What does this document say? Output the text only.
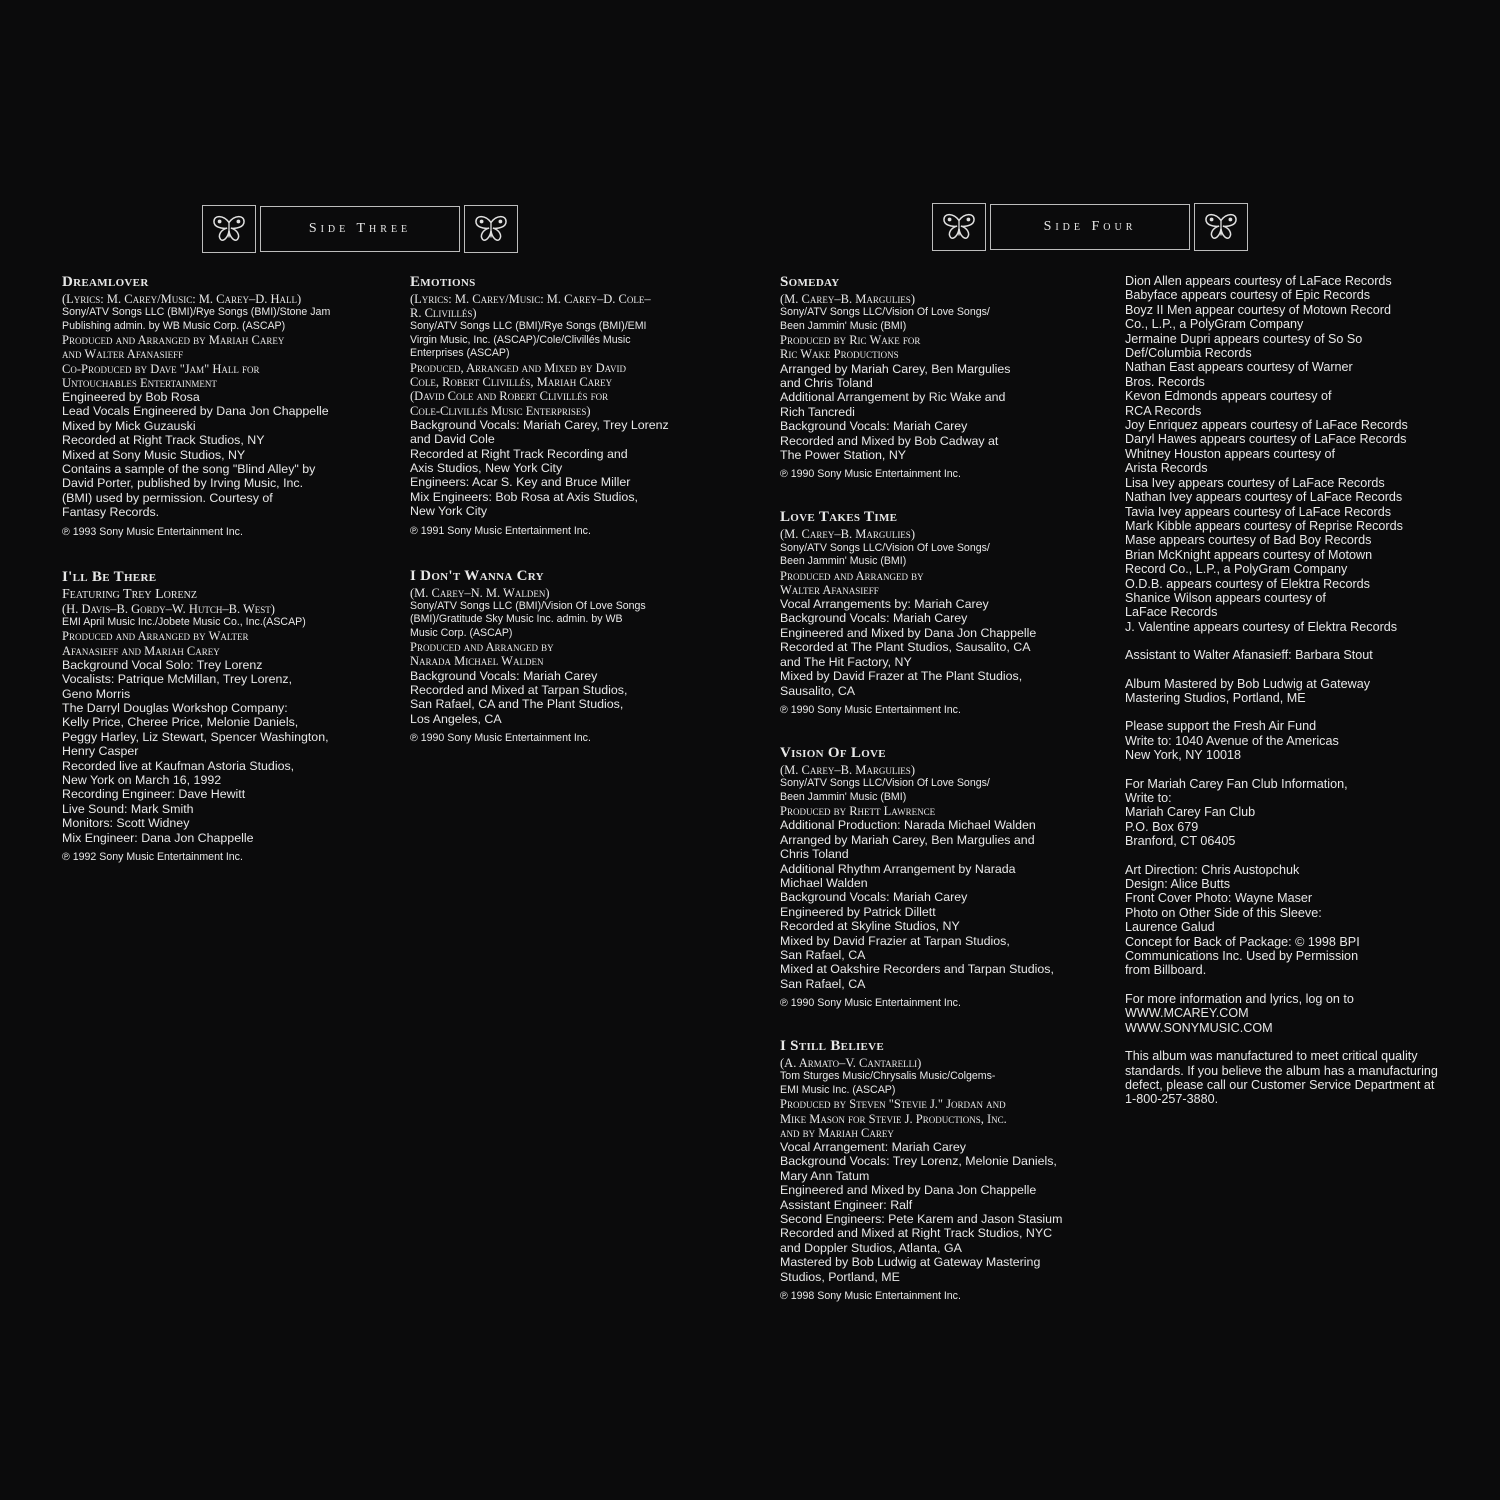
Side Three	Side Four
Dreamlover
(Lyrics: M. Carey/Music: M. Carey–D. Hall)
Sony/ATV Songs LLC (BMI)/Rye Songs (BMI)/Stone Jam
Publishing admin. by WB Music Corp. (ASCAP)
Produced and Arranged by Mariah Carey
and Walter Afanasieff
Co-Produced by Dave "Jam" Hall for
Untouchables Entertainment
Engineered by Bob Rosa
Lead Vocals Engineered by Dana Jon Chappelle
Mixed by Mick Guzauski
Recorded at Right Track Studios, NY
Mixed at Sony Music Studios, NY
Contains a sample of the song "Blind Alley" by
David Porter, published by Irving Music, Inc.
(BMI) used by permission. Courtesy of
Fantasy Records.
℗ 1993 Sony Music Entertainment Inc.
I'll Be There
Featuring Trey Lorenz
(H. Davis–B. Gordy–W. Hutch–B. West)
EMI April Music Inc./Jobete Music Co., Inc.(ASCAP)
Produced and Arranged by Walter
Afanasieff and Mariah Carey
Background Vocal Solo: Trey Lorenz
Vocalists: Patrique McMillan, Trey Lorenz,
Geno Morris
The Darryl Douglas Workshop Company:
Kelly Price, Cheree Price, Melonie Daniels,
Peggy Harley, Liz Stewart, Spencer Washington,
Henry Casper
Recorded live at Kaufman Astoria Studios,
New York on March 16, 1992
Recording Engineer: Dave Hewitt
Live Sound: Mark Smith
Monitors: Scott Widney
Mix Engineer: Dana Jon Chappelle
℗ 1992 Sony Music Entertainment Inc.
Emotions
(Lyrics: M. Carey/Music: M. Carey–D. Cole–
R. Clivillés)
Sony/ATV Songs LLC (BMI)/Rye Songs (BMI)/EMI
Virgin Music, Inc. (ASCAP)/Cole/Clivillés Music
Enterprises (ASCAP)
Produced, Arranged and Mixed by David
Cole, Robert Clivillés, Mariah Carey
(David Cole and Robert Clivillés for
Cole-Clivillés Music Enterprises)
Background Vocals: Mariah Carey, Trey Lorenz
and David Cole
Recorded at Right Track Recording and
Axis Studios, New York City
Engineers: Acar S. Key and Bruce Miller
Mix Engineers: Bob Rosa at Axis Studios,
New York City
℗ 1991 Sony Music Entertainment Inc.
I Don't Wanna Cry
(M. Carey–N. M. Walden)
Sony/ATV Songs LLC (BMI)/Vision Of Love Songs
(BMI)/Gratitude Sky Music Inc. admin. by WB
Music Corp. (ASCAP)
Produced and Arranged by
Narada Michael Walden
Background Vocals: Mariah Carey
Recorded and Mixed at Tarpan Studios,
San Rafael, CA and The Plant Studios,
Los Angeles, CA
℗ 1990 Sony Music Entertainment Inc.
Someday
(M. Carey–B. Margulies)
Sony/ATV Songs LLC/Vision Of Love Songs/
Been Jammin' Music (BMI)
Produced by Ric Wake for
Ric Wake Productions
Arranged by Mariah Carey, Ben Margulies
and Chris Toland
Additional Arrangement by Ric Wake and
Rich Tancredi
Background Vocals: Mariah Carey
Recorded and Mixed by Bob Cadway at
The Power Station, NY
℗ 1990 Sony Music Entertainment Inc.
Love Takes Time
(M. Carey–B. Margulies)
Sony/ATV Songs LLC/Vision Of Love Songs/
Been Jammin' Music (BMI)
Produced and Arranged by
Walter Afanasieff
Vocal Arrangements by: Mariah Carey
Background Vocals: Mariah Carey
Engineered and Mixed by Dana Jon Chappelle
Recorded at The Plant Studios, Sausalito, CA
and The Hit Factory, NY
Mixed by David Frazer at The Plant Studios,
Sausalito, CA
℗ 1990 Sony Music Entertainment Inc.
Vision Of Love
(M. Carey–B. Margulies)
Sony/ATV Songs LLC/Vision Of Love Songs/
Been Jammin' Music (BMI)
Produced by Rhett Lawrence
Additional Production: Narada Michael Walden
Arranged by Mariah Carey, Ben Margulies and
Chris Toland
Additional Rhythm Arrangement by Narada
Michael Walden
Background Vocals: Mariah Carey
Engineered by Patrick Dillett
Recorded at Skyline Studios, NY
Mixed by David Frazier at Tarpan Studios,
San Rafael, CA
Mixed at Oakshire Recorders and Tarpan Studios,
San Rafael, CA
℗ 1990 Sony Music Entertainment Inc.
I Still Believe
(A. Armato–V. Cantarelli)
Tom Sturges Music/Chrysalis Music/Colgems-
EMI Music Inc. (ASCAP)
Produced by Steven "Stevie J." Jordan and
Mike Mason for Stevie J. Productions, Inc.
and by Mariah Carey
Vocal Arrangement: Mariah Carey
Background Vocals: Trey Lorenz, Melonie Daniels,
Mary Ann Tatum
Engineered and Mixed by Dana Jon Chappelle
Assistant Engineer: Ralf
Second Engineers: Pete Karem and Jason Stasium
Recorded and Mixed at Right Track Studios, NYC
and Doppler Studios, Atlanta, GA
Mastered by Bob Ludwig at Gateway Mastering
Studios, Portland, ME
℗ 1998 Sony Music Entertainment Inc.
Dion Allen appears courtesy of LaFace Records
Babyface appears courtesy of Epic Records
Boyz II Men appear courtesy of Motown Record
Co., L.P., a PolyGram Company
Jermaine Dupri appears courtesy of So So
Def/Columbia Records
Nathan East appears courtesy of Warner
Bros. Records
Kevon Edmonds appears courtesy of
RCA Records
Joy Enriquez appears courtesy of LaFace Records
Daryl Hawes appears courtesy of LaFace Records
Whitney Houston appears courtesy of
Arista Records
Lisa Ivey appears courtesy of LaFace Records
Nathan Ivey appears courtesy of LaFace Records
Tavia Ivey appears courtesy of LaFace Records
Mark Kibble appears courtesy of Reprise Records
Mase appears courtesy of Bad Boy Records
Brian McKnight appears courtesy of Motown
Record Co., L.P., a PolyGram Company
O.D.B. appears courtesy of Elektra Records
Shanice Wilson appears courtesy of
LaFace Records
J. Valentine appears courtesy of Elektra Records
Assistant to Walter Afanasieff: Barbara Stout
Album Mastered by Bob Ludwig at Gateway
Mastering Studios, Portland, ME
Please support the Fresh Air Fund
Write to: 1040 Avenue of the Americas
New York, NY 10018
For Mariah Carey Fan Club Information,
Write to:
Mariah Carey Fan Club
P.O. Box 679
Branford, CT 06405
Art Direction: Chris Austopchuk
Design: Alice Butts
Front Cover Photo: Wayne Maser
Photo on Other Side of this Sleeve:
Laurence Galud
Concept for Back of Package: © 1998 BPI
Communications Inc. Used by Permission
from Billboard.
For more information and lyrics, log on to
WWW.MCAREY.COM
WWW.SONYMUSIC.COM
This album was manufactured to meet critical quality
standards. If you believe the album has a manufacturing
defect, please call our Customer Service Department at
1-800-257-3880.
